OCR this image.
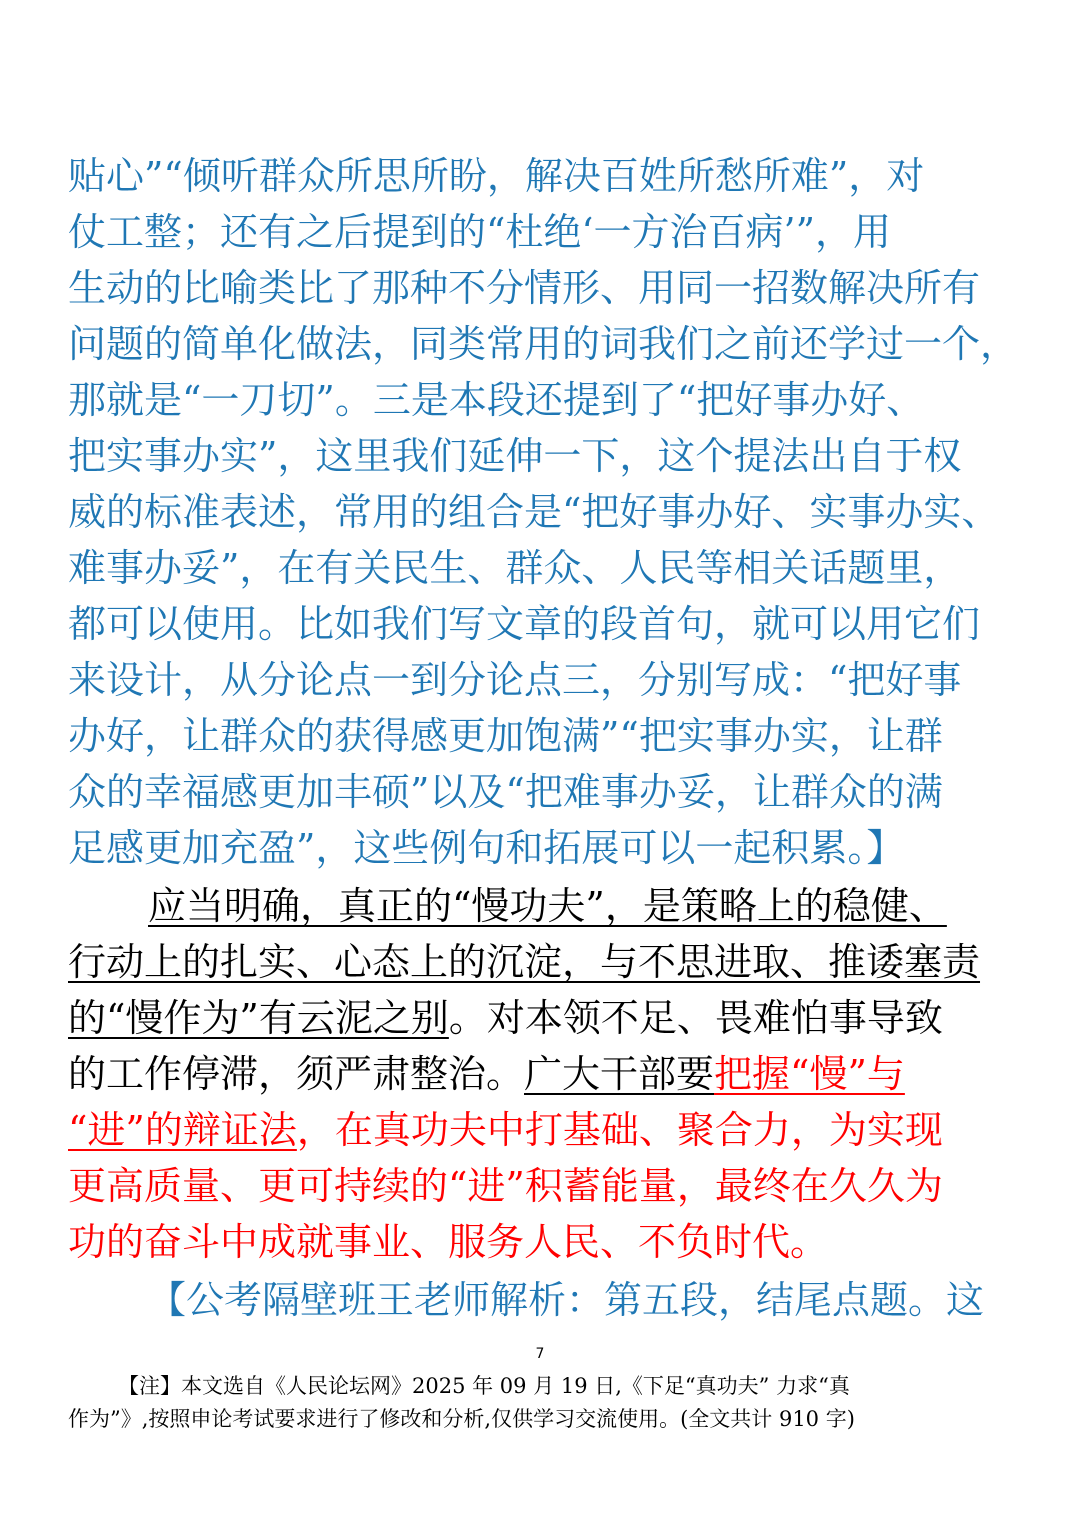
贴心”“倾听群众所思所盼，解决百姓所愁所难”，对
仗工整；还有之后提到的“杜绝‘一方治百病’”，用
生动的比喻类比了那种不分情形、用同一招数解决所有
问题的简单化做法，同类常用的词我们之前还学过一个，
那就是“一刀切”。三是本段还提到了“把好事办好、
把实事办实”，这里我们延伸一下，这个提法出自于权
威的标准表述，常用的组合是“把好事办好、实事办实、
难事办妥”，在有关民生、群众、人民等相关话题里，
都可以使用。比如我们写文章的段首句，就可以用它们
来设计，从分论点一到分论点三，分别写成：“把好事
办好，让群众的获得感更加饱满”“把实事办实，让群
众的幸福感更加丰硕”以及“把难事办妥，让群众的满
足感更加充盈”，这些例句和拓展可以一起积累。】
应当明确，真正的“慢功夫”，是策略上的稳健、
行动上的扎实、心态上的沉淀，与不思进取、推诿塞责
的“慢作为”有云泥之别。对本领不足、畏难怕事导致
的工作停滞，须严肃整治。广大干部要把握“慢”与
“进”的辩证法，在真功夫中打基础、聚合力，为实现
更高质量、更可持续的“进”积蓄能量，最终在久久为
功的奋斗中成就事业、服务人民、不负时代。
【公考隔壁班王老师解析：第五段，结尾点题。这
7
【注】本文选自《人民论坛网》2025 年 09 月 19 日,《下足“真功夫” 力求“真
作为”》,按照申论考试要求进行了修改和分析,仅供学习交流使用。(全文共计 910 字)
